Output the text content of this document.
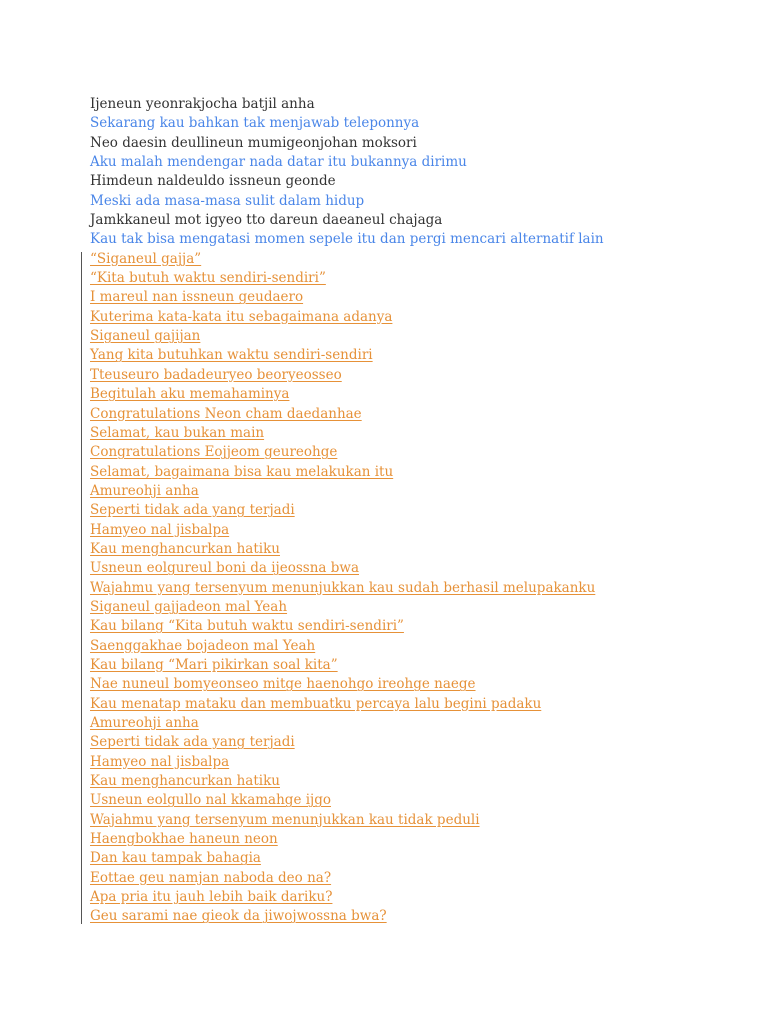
Ijeneun yeonrakjocha batjil anha
Sekarang kau bahkan tak menjawab teleponnya
Neo daesin deullineun mumigeonjohan moksori
Aku malah mendengar nada datar itu bukannya dirimu
Himdeun naldeuldo issneun geonde
Meski ada masa-masa sulit dalam hidup
Jamkkaneul mot igyeo tto dareun daeaneul chajaga
Kau tak bisa mengatasi momen sepele itu dan pergi mencari alternatif lain
“Siganeul gajja”
“Kita butuh waktu sendiri-sendiri”
I mareul nan issneun geudaero
Kuterima kata-kata itu sebagaimana adanya
Siganeul gajijan
Yang kita butuhkan waktu sendiri-sendiri
Tteuseuro badadeuryeo beoryeosseo
Begitulah aku memahaminya
Congratulations Neon cham daedanhae
Selamat, kau bukan main
Congratulations Eojjeom geureohge
Selamat, bagaimana bisa kau melakukan itu
Amureohji anha
Seperti tidak ada yang terjadi
Hamyeo nal jisbalpa
Kau menghancurkan hatiku
Usneun eolgureul boni da ijeossna bwa
Wajahmu yang tersenyum menunjukkan kau sudah berhasil melupakanku
Siganeul gajjadeon mal Yeah
Kau bilang “Kita butuh waktu sendiri-sendiri”
Saenggakhae bojadeon mal Yeah
Kau bilang “Mari pikirkan soal kita”
Nae nuneul bomyeonseo mitge haenohgo ireohge naege
Kau menatap mataku dan membuatku percaya lalu begini padaku
Amureohji anha
Seperti tidak ada yang terjadi
Hamyeo nal jisbalpa
Kau menghancurkan hatiku
Usneun eolgullo nal kkamahge ijgo
Wajahmu yang tersenyum menunjukkan kau tidak peduli
Haengbokhae haneun neon
Dan kau tampak bahagia
Eottae geu namjan naboda deo na?
Apa pria itu jauh lebih baik dariku?
Geu sarami nae gieok da jiwojwossna bwa?
